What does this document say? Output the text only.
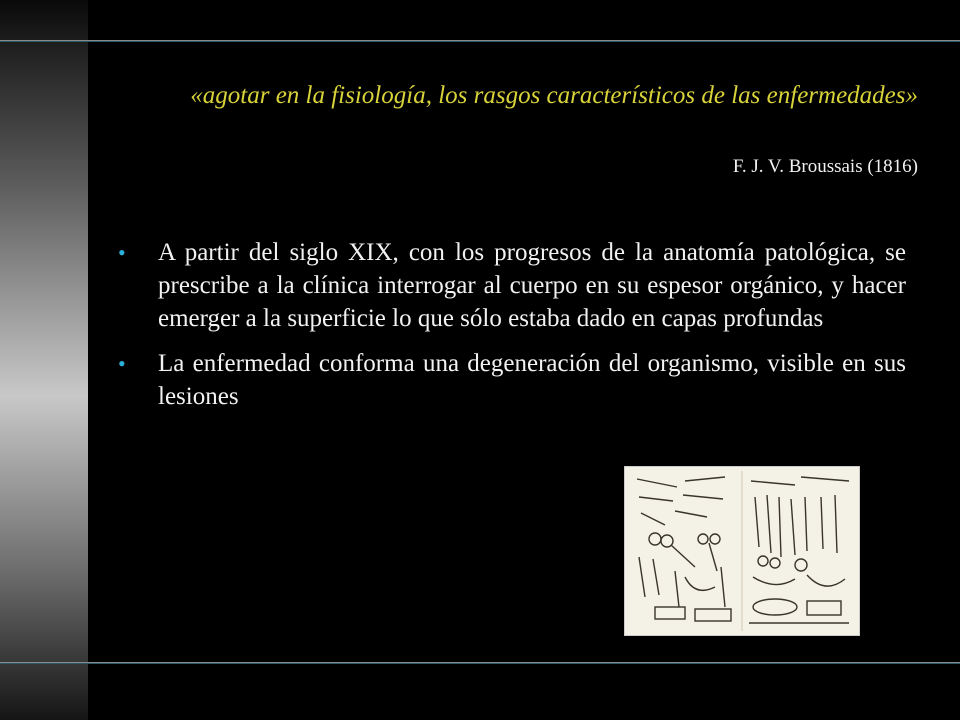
«agotar en la fisiología, los rasgos característicos de las enfermedades»
F. J. V. Broussais (1816)
• A partir del siglo XIX, con los progresos de la anatomía patológica, se prescribe a la clínica interrogar al cuerpo en su espesor orgánico, y hacer emerger a la superficie lo que sólo estaba dado en capas profundas
• La enfermedad conforma una degeneración del organismo, visible en sus lesiones
